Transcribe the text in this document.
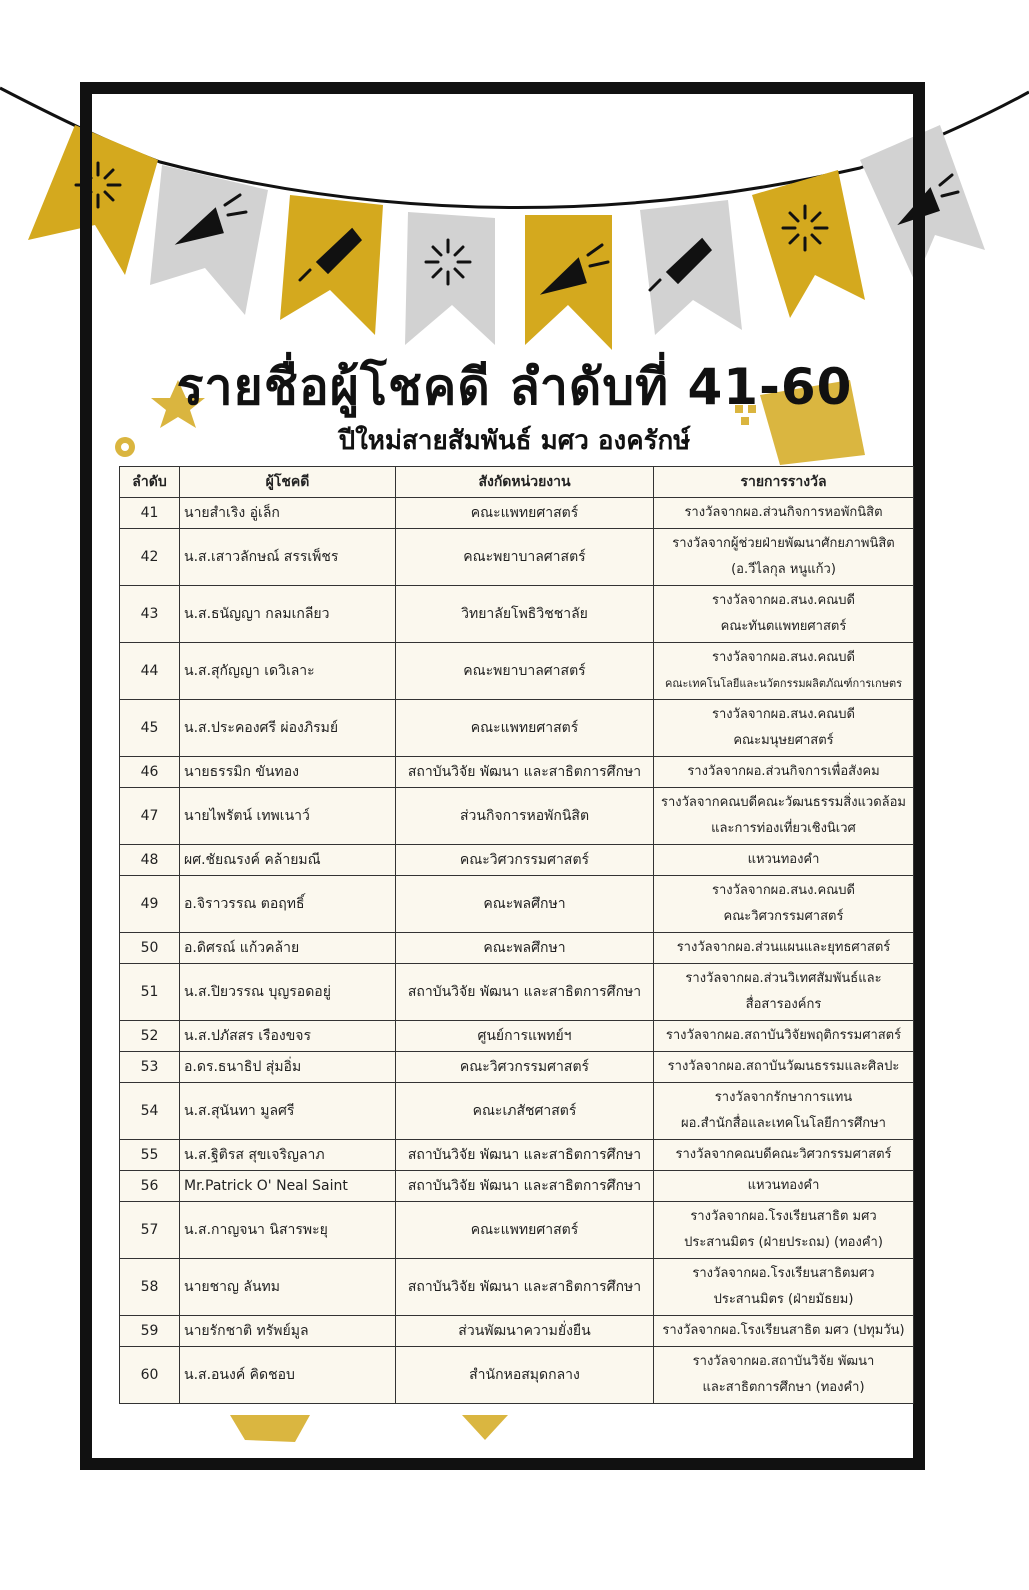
รายชื่อผู้โชคดี ลำดับที่ 41-60
ปีใหม่สายสัมพันธ์ มศว องครักษ์
ลำดับ	ผู้โชคดี	สังกัดหน่วยงาน	รายการรางวัล
41	นายสำเริง อู่เล็ก	คณะแพทยศาสตร์	รางวัลจากผอ.ส่วนกิจการหอพักนิสิต

42	น.ส.เสาวลักษณ์ สรรเพ็ชร	คณะพยาบาลศาสตร์	รางวัลจากผู้ช่วยฝ่ายพัฒนาศักยภาพนิสิต
(อ.วีไลกุล หนูแก้ว)

43	น.ส.ธนัญญา กลมเกลียว	วิทยาลัยโพธิวิชชาลัย	รางวัลจากผอ.สนง.คณบดี
คณะทันตแพทยศาสตร์

44	น.ส.สุกัญญา เดวิเลาะ	คณะพยาบาลศาสตร์	รางวัลจากผอ.สนง.คณบดี
คณะเทคโนโลยีและนวัตกรรมผลิตภัณฑ์การเกษตร

45	น.ส.ประคองศรี ผ่องภิรมย์	คณะแพทยศาสตร์	รางวัลจากผอ.สนง.คณบดี
คณะมนุษยศาสตร์

46	นายธรรมิก ขันทอง	สถาบันวิจัย พัฒนา และสาธิตการศึกษา	รางวัลจากผอ.ส่วนกิจการเพื่อสังคม

47	นายไพรัตน์ เทพเนาว์	ส่วนกิจการหอพักนิสิต	รางวัลจากคณบดีคณะวัฒนธรรมสิ่งแวดล้อม
และการท่องเที่ยวเชิงนิเวศ

48	ผศ.ชัยณรงค์ คล้ายมณี	คณะวิศวกรรมศาสตร์	แหวนทองคำ

49	อ.จิราวรรณ ตอฤทธิ์	คณะพลศึกษา	รางวัลจากผอ.สนง.คณบดี
คณะวิศวกรรมศาสตร์

50	อ.ดิศรณ์ แก้วคล้าย	คณะพลศึกษา	รางวัลจากผอ.ส่วนแผนและยุทธศาสตร์

51	น.ส.ปิยวรรณ บุญรอดอยู่	สถาบันวิจัย พัฒนา และสาธิตการศึกษา	รางวัลจากผอ.ส่วนวิเทศสัมพันธ์และ
สื่อสารองค์กร

52	น.ส.ปภัสสร เรืองขจร	ศูนย์การแพทย์ฯ	รางวัลจากผอ.สถาบันวิจัยพฤติกรรมศาสตร์

53	อ.ดร.ธนาธิป สุ่มอิ่ม	คณะวิศวกรรมศาสตร์	รางวัลจากผอ.สถาบันวัฒนธรรมและศิลปะ

54	น.ส.สุนันทา มูลศรี	คณะเภสัชศาสตร์	รางวัลจากรักษาการแทน
ผอ.สำนักสื่อและเทคโนโลยีการศึกษา

55	น.ส.ฐิติรส สุขเจริญลาภ	สถาบันวิจัย พัฒนา และสาธิตการศึกษา	รางวัลจากคณบดีคณะวิศวกรรมศาสตร์

56	Mr.Patrick O' Neal Saint	สถาบันวิจัย พัฒนา และสาธิตการศึกษา	แหวนทองคำ

57	น.ส.กาญจนา นิสารพะยุ	คณะแพทยศาสตร์	รางวัลจากผอ.โรงเรียนสาธิต มศว
ประสานมิตร (ฝ่ายประถม) (ทองคำ)

58	นายชาญ ลันทม	สถาบันวิจัย พัฒนา และสาธิตการศึกษา	รางวัลจากผอ.โรงเรียนสาธิตมศว
ประสานมิตร (ฝ่ายมัธยม)

59	นายรักชาติ ทรัพย์มูล	ส่วนพัฒนาความยั่งยืน	รางวัลจากผอ.โรงเรียนสาธิต มศว (ปทุมวัน)

60	น.ส.อนงค์ คิดชอบ	สำนักหอสมุดกลาง	รางวัลจากผอ.สถาบันวิจัย พัฒนา
และสาธิตการศึกษา (ทองคำ)
